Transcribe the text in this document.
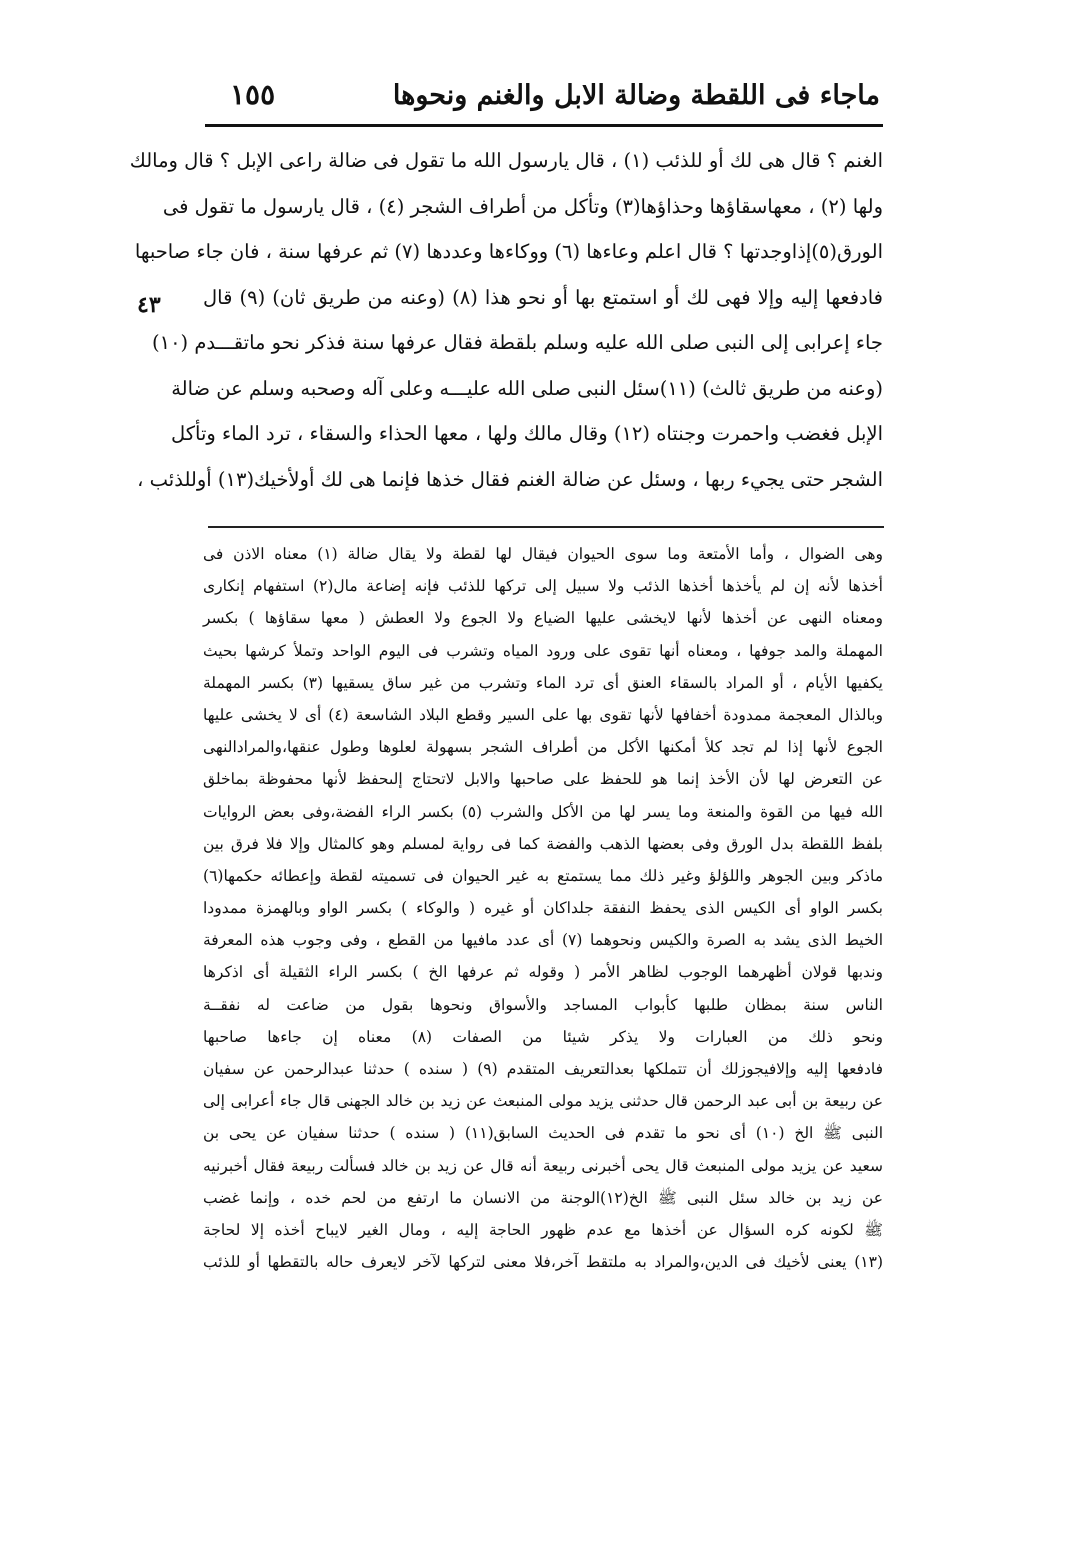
ماجاء فى اللقطة وضالة الابل والغنم ونحوها
١٥٥
٤٣
الغنم ؟ قال هى لك أو للذئب (١) ، قال يارسول الله ما تقول فى ضالة راعى الإبل ؟ قال ومالك
ولها (٢) ، معهاسقاؤها وحذاؤها(٣) وتأكل من أطراف الشجر (٤) ، قال يارسول ما تقول فى
الورق(٥)إذاوجدتها ؟ قال اعلم وعاءها (٦) ووكاءها وعددها (٧) ثم عرفها سنة ، فان جاء صاحبها
فادفعها إليه وإلا فهى لك أو استمتع بها أو نحو هذا (٨) (وعنه من طريق ثان) (٩) قال
جاء إعرابى إلى النبى صلى الله عليه وسلم بلقطة فقال عرفها سنة فذكر نحو ماتقـــدم (١٠)
(وعنه من طريق ثالث) (١١)سئل النبى صلى الله عليـــه وعلى آله وصحبه وسلم عن ضالة
الإبل فغضب واحمرت وجنتاه (١٢) وقال مالك ولها ، معها الحذاء والسقاء ، ترد الماء وتأكل
الشجر حتى يجيء ربها ، وسئل عن ضالة الغنم فقال خذها فإنما هى لك أولأخيك(١٣) أوللذئب ،
وهى الضوال ، وأما الأمتعة وما سوى الحيوان فيقال لها لقطة ولا يقال ضالة (١) معناه الاذن فى
أخذها لأنه إن لم يأخذها أخذها الذئب ولا سبيل إلى تركها للذئب فإنه إضاعة مال(٢) استفهام إنكارى
ومعناه النهى عن أخذها لأنها لايخشى عليها الضياع ولا الجوع ولا العطش ( معها سقاؤها ) بكسر
المهملة والمد جوفها ، ومعناه أنها تقوى على ورود المياه وتشرب فى اليوم الواحد وتملأ كرشها بحيث
يكفيها الأيام ، أو المراد بالسقاء العنق أى ترد الماء وتشرب من غير ساق يسقيها (٣) بكسر المهملة
وبالذال المعجمة ممدودة أخفافها لأنها تقوى بها على السير وقطع البلاد الشاسعة (٤) أى لا يخشى عليها
الجوع لأنها إذا لم تجد كلأ أمكنها الأكل من أطراف الشجر بسهولة لعلوها وطول عنقها،والمرادالنهى
عن التعرض لها لأن الأخذ إنما هو للحفظ على صاحبها والابل لاتحتاج إلىحفظ لأنها محفوظة بماخلق
الله فيها من القوة والمنعة وما يسر لها من الأكل والشرب (٥) بكسر الراء الفضة،وفى بعض الروايات
بلفظ اللقطة بدل الورق وفى بعضها الذهب والفضة كما فى رواية لمسلم وهو كالمثال وإلا فلا فرق بين
ماذكر وبين الجوهر واللؤلؤ وغير ذلك مما يستمتع به غير الحيوان فى تسميته لقطة وإعطائه حكمها(٦)
بكسر الواو أى الكيس الذى يحفظ النفقة جلداكان أو غيره ( والوكاء ) بكسر الواو وبالهمزة ممدودا
الخيط الذى يشد به الصرة والكيس ونحوهما (٧) أى عدد مافيها من القطع ، وفى وجوب هذه المعرفة
وندبها قولان أظهرهما الوجوب لظاهر الأمر ( وقوله ثم عرفها الخ ) بكسر الراء الثقيلة أى اذكرها
الناس سنة بمظان طلبها كأبواب المساجد والأسواق ونحوها بقول من ضاعت له نفقــة
ونحو ذلك من العبارات ولا يذكر شيئا من الصفات (٨) معناه إن جاءها صاحبها
فادفعها إليه وإلافيجوزلك أن تتملكها بعدالتعريف المتقدم (٩) ( سنده ) حدثنا عبدالرحمن عن سفيان
عن ربيعة بن أبى عبد الرحمن قال حدثنى يزيد مولى المنبعث عن زيد بن خالد الجهنى قال جاء أعرابى إلى
النبى ﷺ الخ (١٠) أى نحو ما تقدم فى الحديث السابق(١١) ( سنده ) حدثنا سفيان عن يحى بن
سعيد عن يزيد مولى المنبعث قال يحى أخبرنى ربيعة أنه قال عن زيد بن خالد فسألت ربيعة فقال أخبرنيه
عن زيد بن خالد سئل النبى ﷺ الخ(١٢)الوجنة من الانسان ما ارتفع من لحم خده ، وإنما غضب
ﷺ لكونه كره السؤال عن أخذها مع عدم ظهور الحاجة إليه ، ومال الغير لايباح أخذه إلا لحاجة
(١٣) يعنى لأخيك فى الدين،والمراد به ملتقط آخر،فلا معنى لتركها لآخر لايعرف حاله بالتقطها أو للذئب
